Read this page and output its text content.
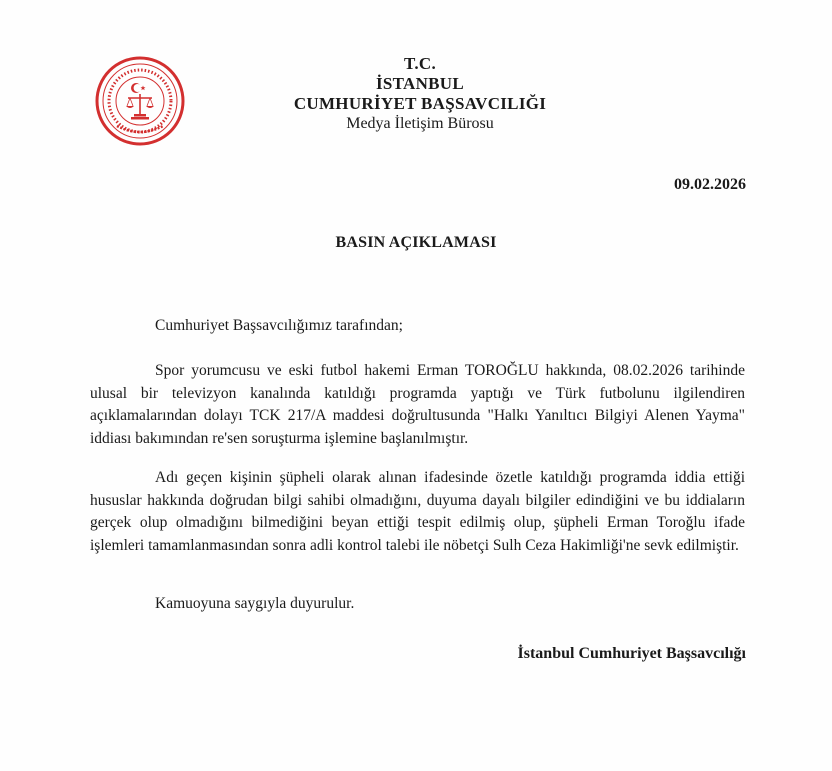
T.C.
İSTANBUL
CUMHURİYET BAŞSAVCILIĞI
Medya İletişim Bürosu
09.02.2026
BASIN AÇIKLAMASI

Cumhuriyet Başsavcılığımız tarafından;

Spor yorumcusu ve eski futbol hakemi Erman TOROĞLU hakkında, 08.02.2026 tarihinde ulusal bir televizyon kanalında katıldığı programda yaptığı ve Türk futbolunu ilgilendiren açıklamalarından dolayı TCK 217/A maddesi doğrultusunda "Halkı Yanıltıcı Bilgiyi Alenen Yayma" iddiası bakımından re'sen soruşturma işlemine başlanılmıştır.

Adı geçen kişinin şüpheli olarak alınan ifadesinde özetle katıldığı programda iddia ettiği hususlar hakkında doğrudan bilgi sahibi olmadığını, duyuma dayalı bilgiler edindiğini ve bu iddiaların gerçek olup olmadığını bilmediğini beyan ettiği tespit edilmiş olup, şüpheli Erman Toroğlu ifade işlemleri tamamlanmasından sonra adli kontrol talebi ile nöbetçi Sulh Ceza Hakimliği'ne sevk edilmiştir.

Kamuoyuna saygıyla duyurulur.

İstanbul Cumhuriyet Başsavcılığı
